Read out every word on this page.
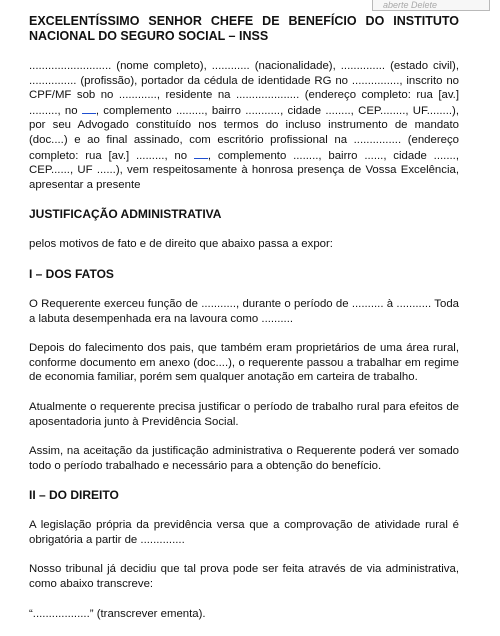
aberte Delete
EXCELENTÍSSIMO SENHOR CHEFE DE BENEFÍCIO DO INSTITUTO NACIONAL DO SEGURO SOCIAL – INSS
.......................... (nome completo), ............ (nacionalidade), .............. (estado civil), ............... (profissão), portador da cédula de identidade RG no ..............., inscrito no CPF/MF sob no ............, residente na .................... (endereço completo: rua [av.] ........., no , complemento ........., bairro ..........., cidade ........, CEP........, UF........), por seu Advogado constituído nos termos do incluso instrumento de mandato (doc....) e ao final assinado, com escritório profissional na ............... (endereço completo: rua [av.] ........., no , complemento ........, bairro ......, cidade ......., CEP......, UF ......), vem respeitosamente à honrosa presença de Vossa Excelência, apresentar a presente
JUSTIFICAÇÃO ADMINISTRATIVA
pelos motivos de fato e de direito que abaixo passa a expor:
I – DOS FATOS
O Requerente exerceu função de ..........., durante o período de .......... à ........... Toda a labuta desempenhada era na lavoura como ..........
Depois do falecimento dos pais, que também eram proprietários de uma área rural, conforme documento em anexo (doc....), o requerente passou a trabalhar em regime de economia familiar, porém sem qualquer anotação em carteira de trabalho.
Atualmente o requerente precisa justificar o período de trabalho rural para efeitos de aposentadoria junto à Previdência Social.
Assim, na aceitação da justificação administrativa o Requerente poderá ver somado todo o período trabalhado e necessário para a obtenção do benefício.
II – DO DIREITO
A legislação própria da previdência versa que a comprovação de atividade rural é obrigatória a partir de ..............
Nosso tribunal já decidiu que tal prova pode ser feita através de via administrativa, como abaixo transcreve:
“..................” (transcrever ementa).
